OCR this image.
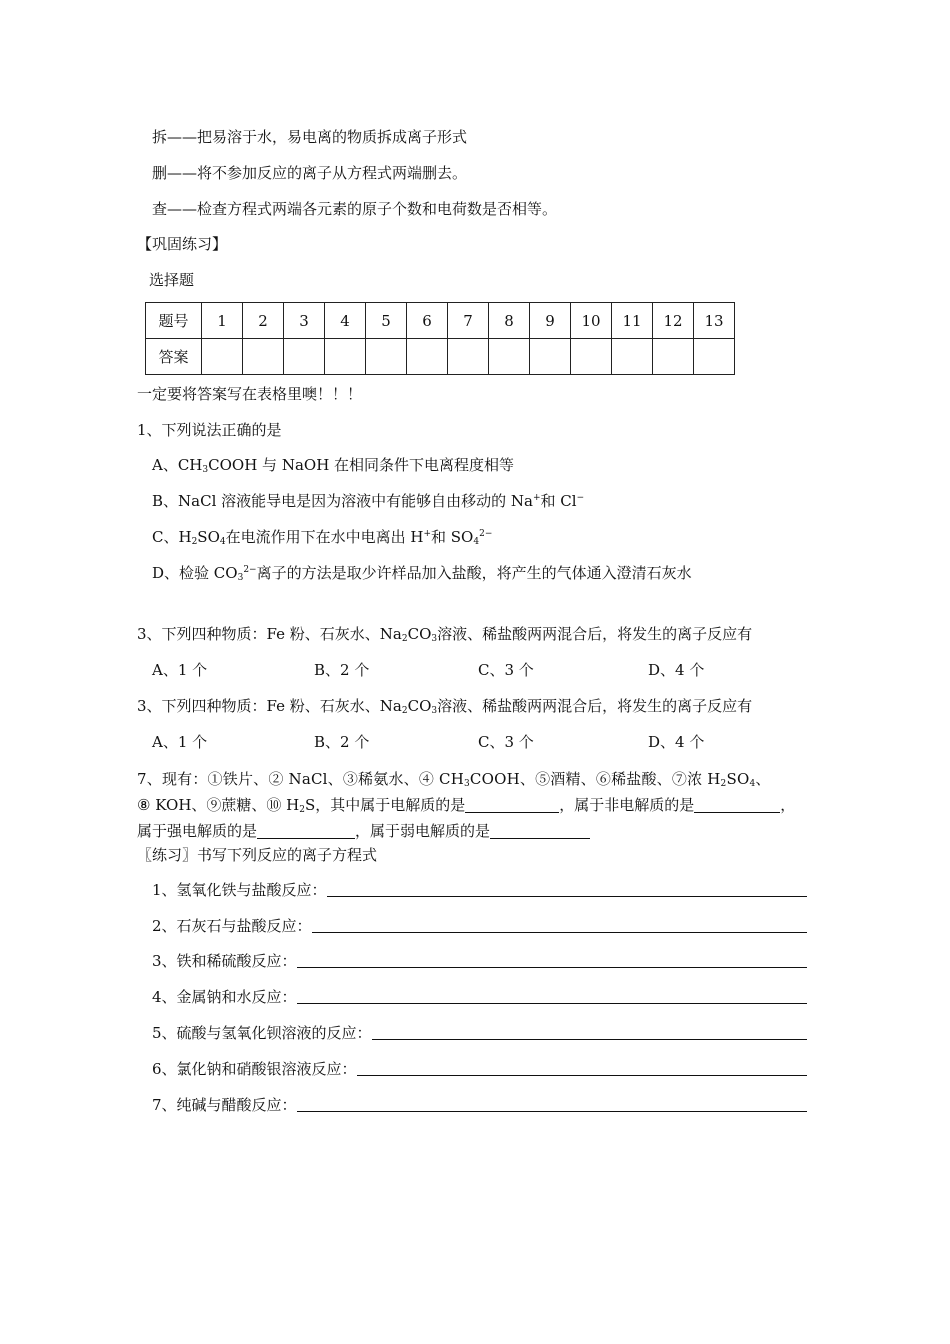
拆——把易溶于水，易电离的物质拆成离子形式
删——将不参加反应的离子从方程式两端删去。
查——检查方程式两端各元素的原子个数和电荷数是否相等。
【巩固练习】
选择题
题号	1	2	3	4	5	6	7	8	9	10	11	12	13
答案													
一定要将答案写在表格里噢！！！
1、下列说法正确的是
A、$CH_3COOH$ 与 NaOH 在相同条件下电离程度相等
B、NaCl 溶液能导电是因为溶液中有能够自由移动的 Na+和 Cl−
C、$H_2SO_4$在电流作用下在水中电离出 H+和 $SO_4^{2-}$
D、检验 $CO_3^{2-}$离子的方法是取少许样品加入盐酸，将产生的气体通入澄清石灰水
3、下列四种物质：Fe 粉、石灰水、$Na_2CO_3$溶液、稀盐酸两两混合后，将发生的离子反应有
A、1 个	B、2 个	C、3 个	D、4 个
3、下列四种物质：Fe 粉、石灰水、$Na_2CO_3$溶液、稀盐酸两两混合后，将发生的离子反应有
A、1 个	B、2 个	C、3 个	D、4 个
7、现有：①铁片、② NaCl、③稀氨水、④ $CH_3COOH$、⑤酒精、⑥稀盐酸、⑦浓 $H_2SO_4$、
⑧ KOH、⑨蔗糖、⑩ $H_2S$，其中属于电解质的是	，属于非电解质的是	，
属于强电解质的是	，属于弱电解质的是
〖练习〗书写下列反应的离子方程式
1、氢氧化铁与盐酸反应：
2、石灰石与盐酸反应：
3、铁和稀硫酸反应：
4、金属钠和水反应：
5、硫酸与氢氧化钡溶液的反应：
6、氯化钠和硝酸银溶液反应：
7、纯碱与醋酸反应：
